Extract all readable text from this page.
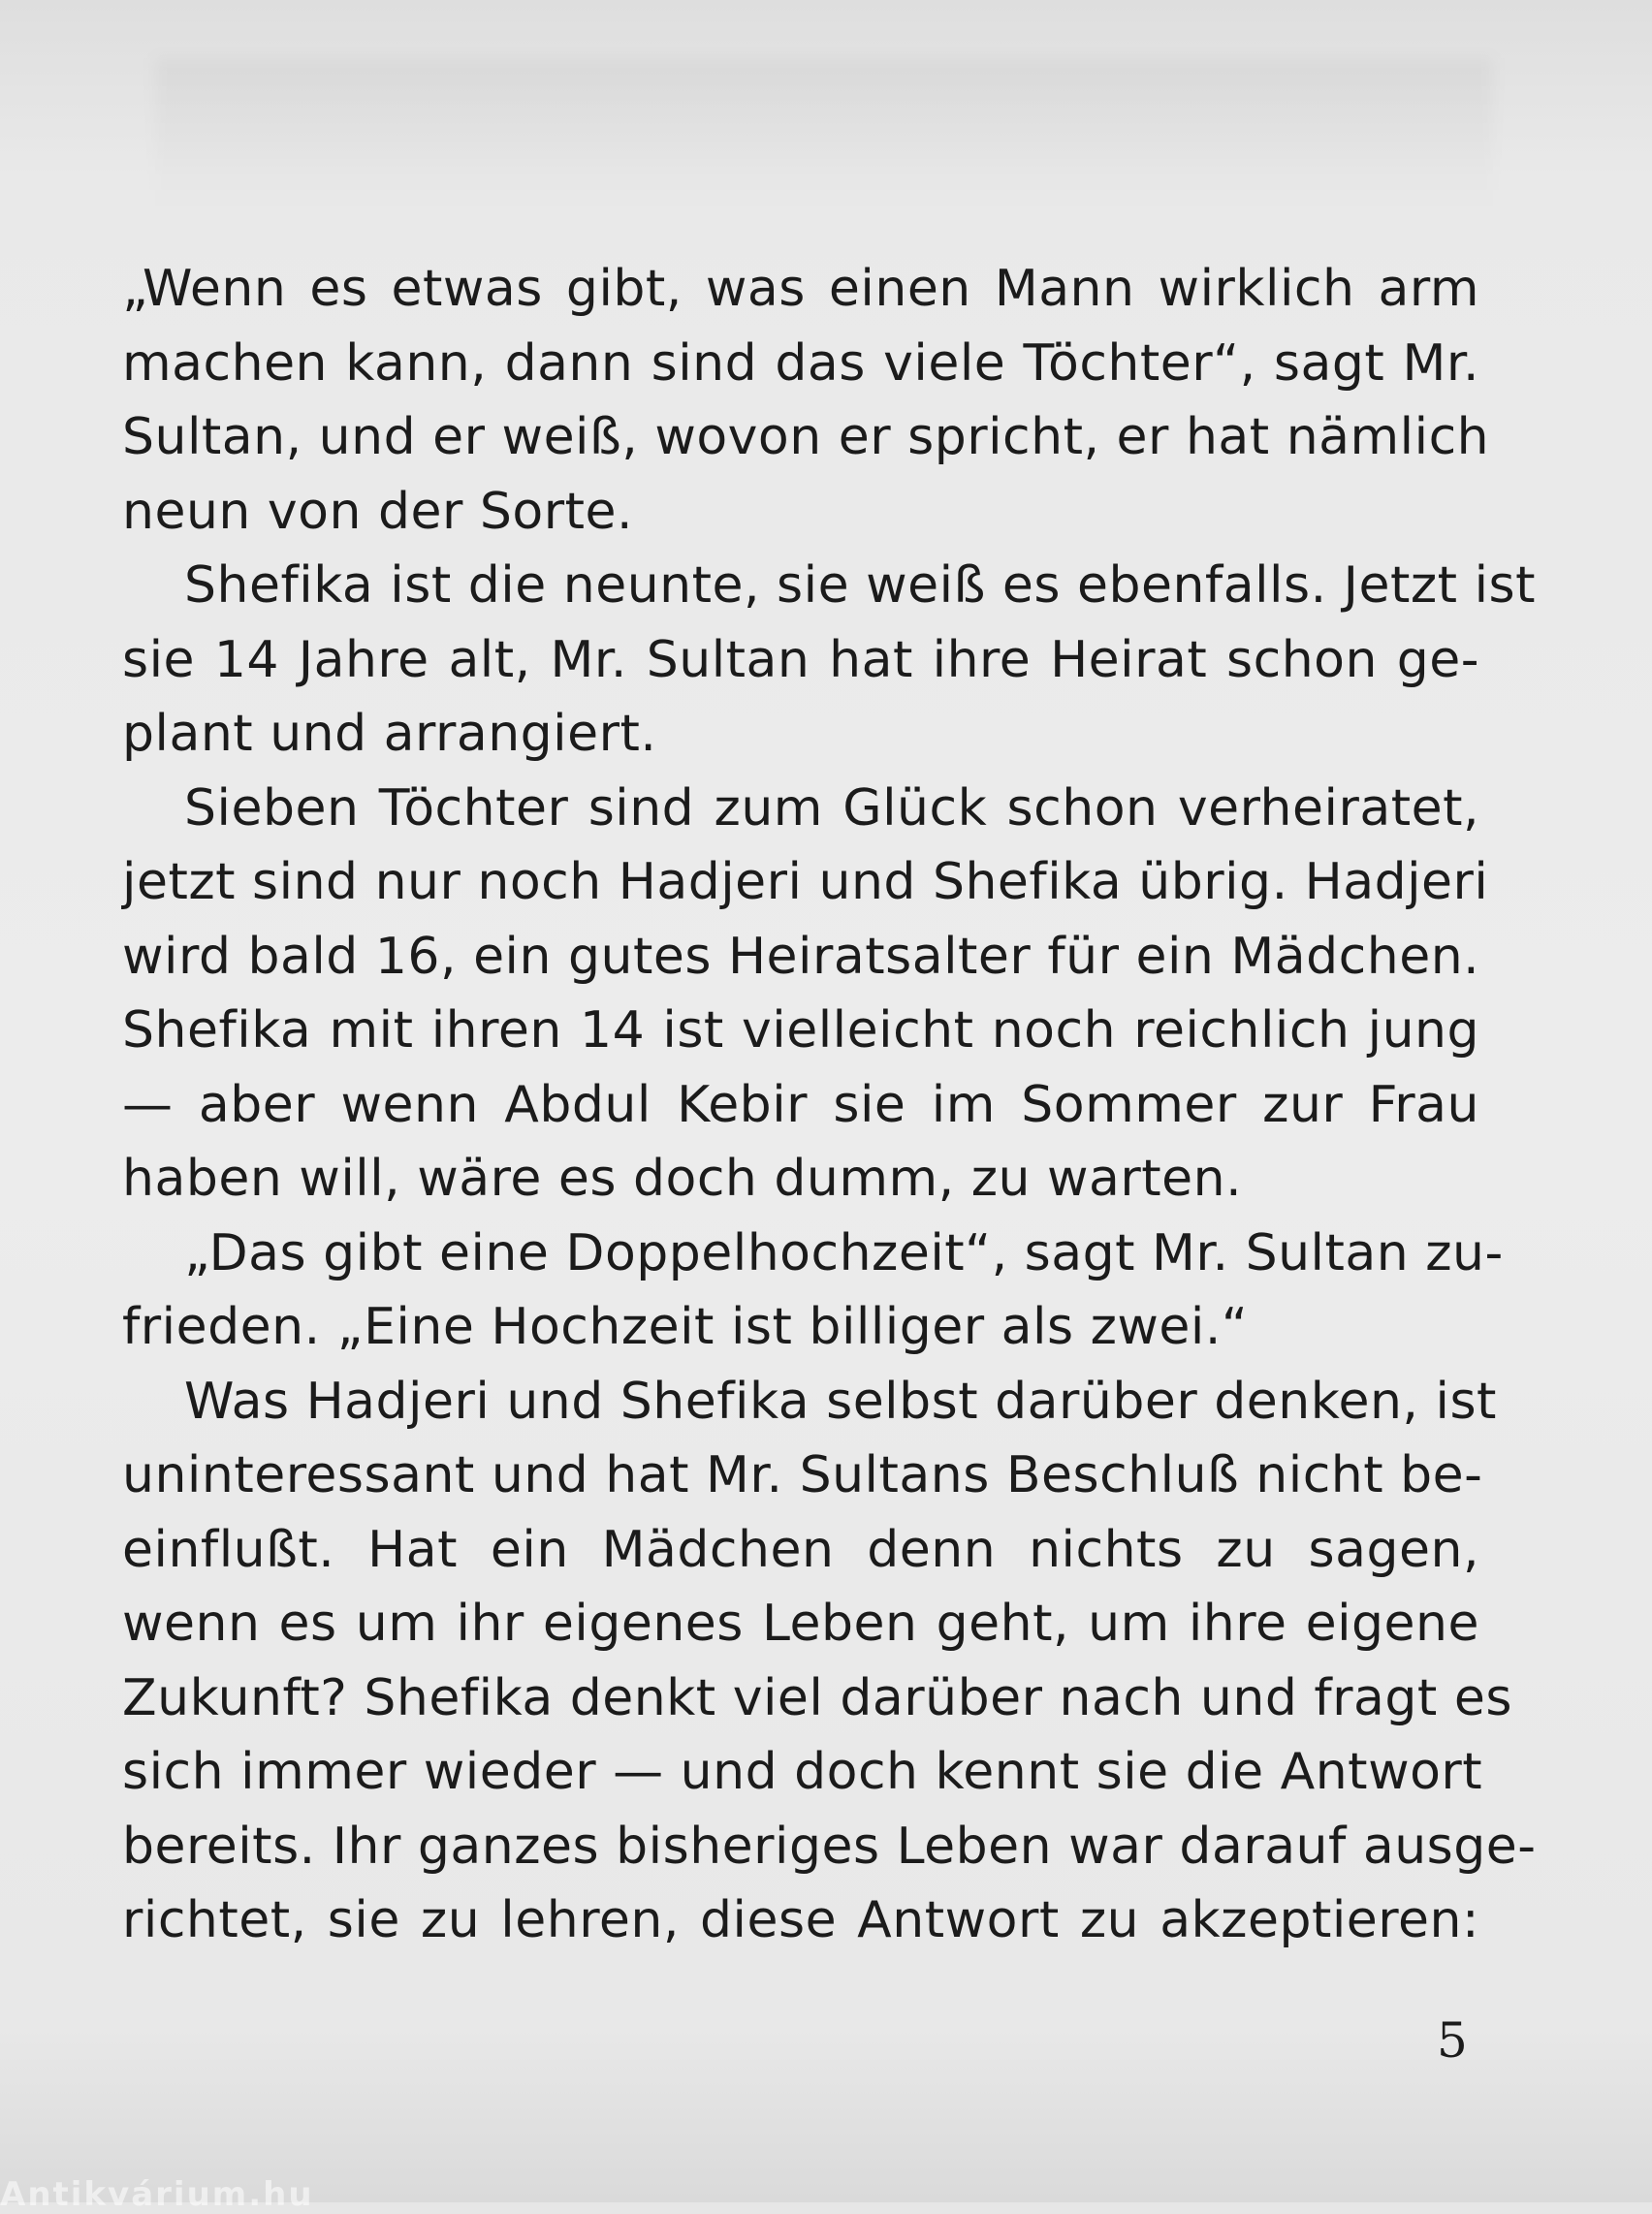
„Wenn es etwas gibt, was einen Mann wirklich arm
machen kann, dann sind das viele Töchter“, sagt Mr.
Sultan, und er weiß, wovon er spricht, er hat nämlich
neun von der Sorte.
Shefika ist die neunte, sie weiß es ebenfalls. Jetzt ist
sie 14 Jahre alt, Mr. Sultan hat ihre Heirat schon ge-
plant und arrangiert.
Sieben Töchter sind zum Glück schon verheiratet,
jetzt sind nur noch Hadjeri und Shefika übrig. Hadjeri
wird bald 16, ein gutes Heiratsalter für ein Mädchen.
Shefika mit ihren 14 ist vielleicht noch reichlich jung
— aber wenn Abdul Kebir sie im Sommer zur Frau
haben will, wäre es doch dumm, zu warten.
„Das gibt eine Doppelhochzeit“, sagt Mr. Sultan zu-
frieden. „Eine Hochzeit ist billiger als zwei.“
Was Hadjeri und Shefika selbst darüber denken, ist
uninteressant und hat Mr. Sultans Beschluß nicht be-
einflußt. Hat ein Mädchen denn nichts zu sagen,
wenn es um ihr eigenes Leben geht, um ihre eigene
Zukunft? Shefika denkt viel darüber nach und fragt es
sich immer wieder — und doch kennt sie die Antwort
bereits. Ihr ganzes bisheriges Leben war darauf ausge-
richtet, sie zu lehren, diese Antwort zu akzeptieren:
5
Antikvárium.hu
